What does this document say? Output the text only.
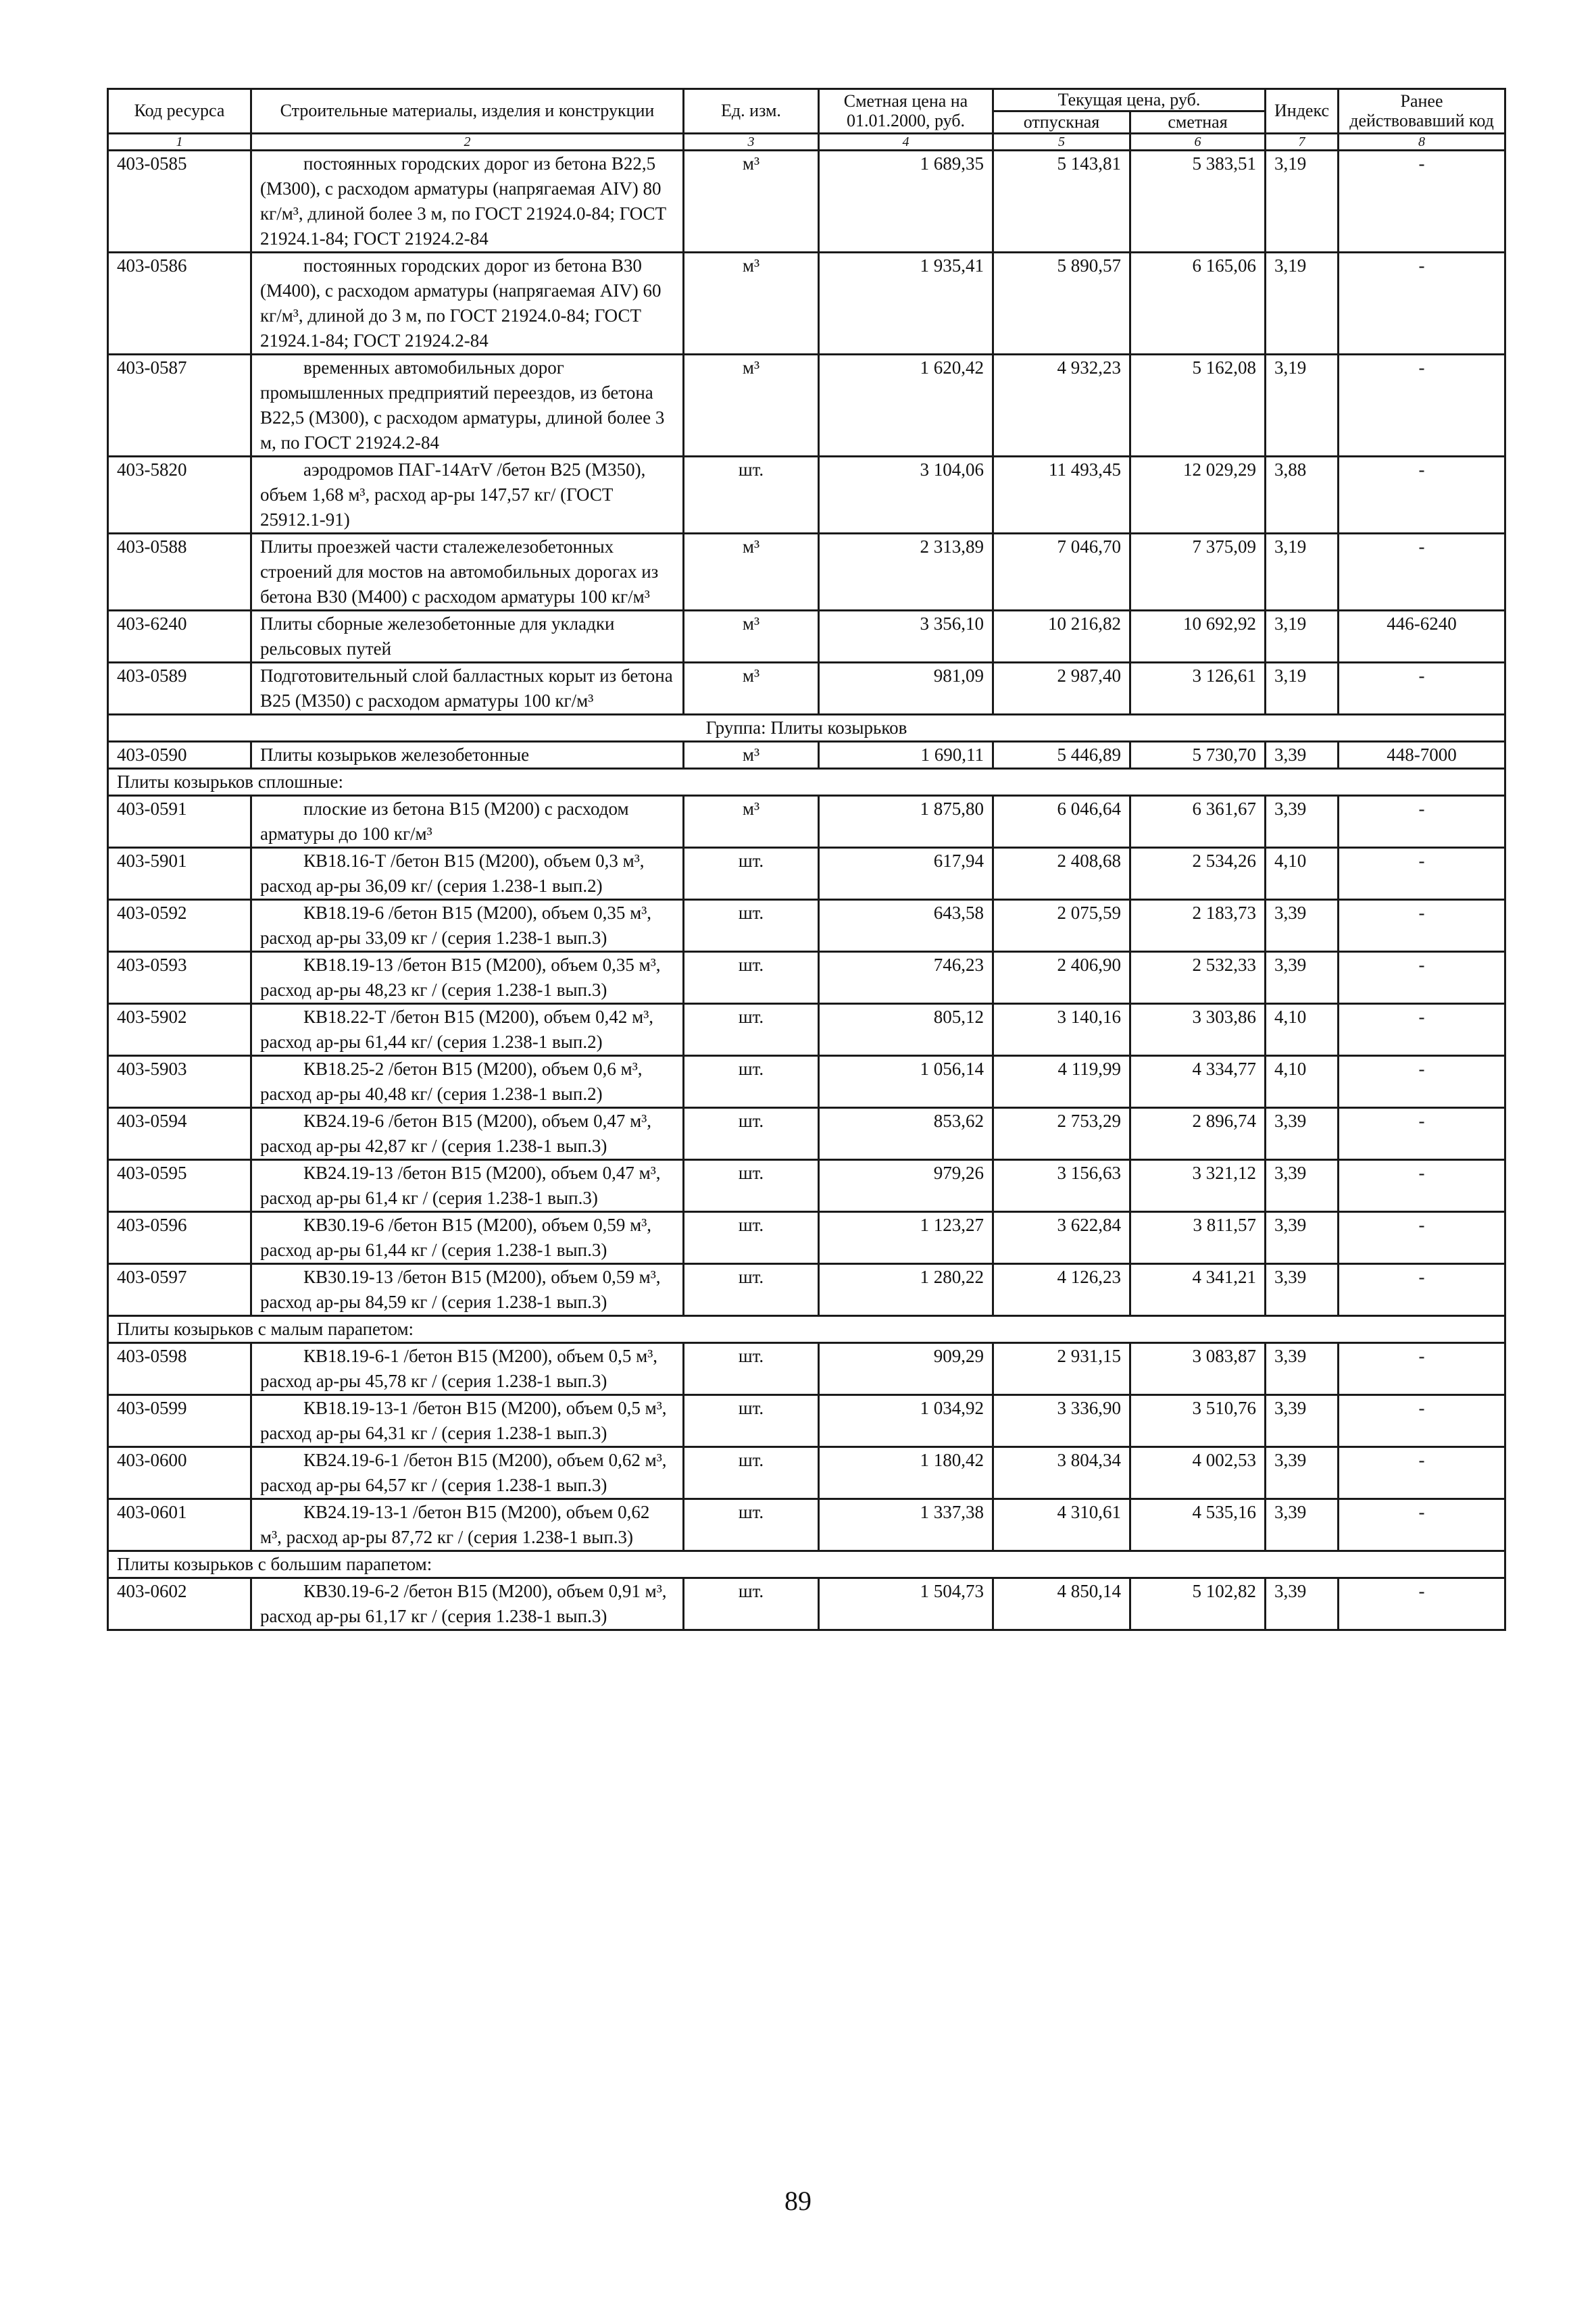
Код ресурса	Строительные материалы, изделия и конструкции	Ед. изм.	Сметная цена на 01.01.2000, руб.	Текущая цена, руб.		Индекс	Ранее действовавший код
				отпускная	сметная		
1	2	3	4	5	6	7	8
403-0585	постоянных городских дорог из бетона В22,5 (М300), с расходом арматуры (напрягаемая AIV) 80 кг/м³, длиной более 3 м, по ГОСТ 21924.0-84; ГОСТ 21924.1-84; ГОСТ 21924.2-84	м³	1 689,35	5 143,81	5 383,51	3,19	-
403-0586	постоянных городских дорог из бетона В30 (М400), с расходом арматуры (напрягаемая AIV) 60 кг/м³, длиной до 3 м, по ГОСТ 21924.0-84; ГОСТ 21924.1-84; ГОСТ 21924.2-84	м³	1 935,41	5 890,57	6 165,06	3,19	-
403-0587	временных автомобильных дорог промышленных предприятий переездов, из бетона В22,5 (М300), с расходом арматуры, длиной более 3 м, по ГОСТ 21924.2-84	м³	1 620,42	4 932,23	5 162,08	3,19	-
403-5820	аэродромов ПАГ-14АтV /бетон В25 (М350), объем 1,68 м³, расход ар-ры 147,57 кг/ (ГОСТ 25912.1-91)	шт.	3 104,06	11 493,45	12 029,29	3,88	-
403-0588	Плиты проезжей части сталежелезобетонных строений для мостов на автомобильных дорогах из бетона В30 (М400) с расходом арматуры 100 кг/м³	м³	2 313,89	7 046,70	7 375,09	3,19	-
403-6240	Плиты сборные железобетонные для укладки рельсовых путей	м³	3 356,10	10 216,82	10 692,92	3,19	446-6240
403-0589	Подготовительный слой балластных корыт из бетона В25 (М350) с расходом арматуры 100 кг/м³	м³	981,09	2 987,40	3 126,61	3,19	-
Группа: Плиты козырьков							
403-0590	Плиты козырьков железобетонные	м³	1 690,11	5 446,89	5 730,70	3,39	448-7000
Плиты козырьков сплошные:							
403-0591	плоские из бетона В15 (М200) с расходом арматуры до 100 кг/м³	м³	1 875,80	6 046,64	6 361,67	3,39	-
403-5901	КВ18.16-Т /бетон В15 (М200), объем 0,3 м³, расход ар-ры 36,09 кг/ (серия 1.238-1 вып.2)	шт.	617,94	2 408,68	2 534,26	4,10	-
403-0592	КВ18.19-6 /бетон В15 (М200), объем 0,35 м³, расход ар-ры 33,09 кг / (серия 1.238-1 вып.3)	шт.	643,58	2 075,59	2 183,73	3,39	-
403-0593	КВ18.19-13 /бетон В15 (М200), объем 0,35 м³, расход ар-ры 48,23 кг / (серия 1.238-1 вып.3)	шт.	746,23	2 406,90	2 532,33	3,39	-
403-5902	КВ18.22-Т /бетон В15 (М200), объем 0,42 м³, расход ар-ры 61,44 кг/ (серия 1.238-1 вып.2)	шт.	805,12	3 140,16	3 303,86	4,10	-
403-5903	КВ18.25-2 /бетон В15 (М200), объем 0,6 м³, расход ар-ры 40,48 кг/ (серия 1.238-1 вып.2)	шт.	1 056,14	4 119,99	4 334,77	4,10	-
403-0594	КВ24.19-6 /бетон В15 (М200), объем 0,47 м³, расход ар-ры 42,87 кг / (серия 1.238-1 вып.3)	шт.	853,62	2 753,29	2 896,74	3,39	-
403-0595	КВ24.19-13 /бетон В15 (М200), объем 0,47 м³, расход ар-ры 61,4 кг / (серия 1.238-1 вып.3)	шт.	979,26	3 156,63	3 321,12	3,39	-
403-0596	КВ30.19-6 /бетон В15 (М200), объем 0,59 м³, расход ар-ры 61,44 кг / (серия 1.238-1 вып.3)	шт.	1 123,27	3 622,84	3 811,57	3,39	-
403-0597	КВ30.19-13 /бетон В15 (М200), объем 0,59 м³, расход ар-ры 84,59 кг / (серия 1.238-1 вып.3)	шт.	1 280,22	4 126,23	4 341,21	3,39	-
Плиты козырьков с малым парапетом:							
403-0598	КВ18.19-6-1 /бетон В15 (М200), объем 0,5 м³, расход ар-ры 45,78 кг / (серия 1.238-1 вып.3)	шт.	909,29	2 931,15	3 083,87	3,39	-
403-0599	КВ18.19-13-1 /бетон В15 (М200), объем 0,5 м³, расход ар-ры 64,31 кг / (серия 1.238-1 вып.3)	шт.	1 034,92	3 336,90	3 510,76	3,39	-
403-0600	КВ24.19-6-1 /бетон В15 (М200), объем 0,62 м³, расход ар-ры 64,57 кг / (серия 1.238-1 вып.3)	шт.	1 180,42	3 804,34	4 002,53	3,39	-
403-0601	КВ24.19-13-1 /бетон В15 (М200), объем 0,62 м³, расход ар-ры 87,72 кг / (серия 1.238-1 вып.3)	шт.	1 337,38	4 310,61	4 535,16	3,39	-
Плиты козырьков с большим парапетом:							
403-0602	КВ30.19-6-2 /бетон В15 (М200), объем 0,91 м³, расход ар-ры 61,17 кг / (серия 1.238-1 вып.3)	шт.	1 504,73	4 850,14	5 102,82	3,39	-
89
